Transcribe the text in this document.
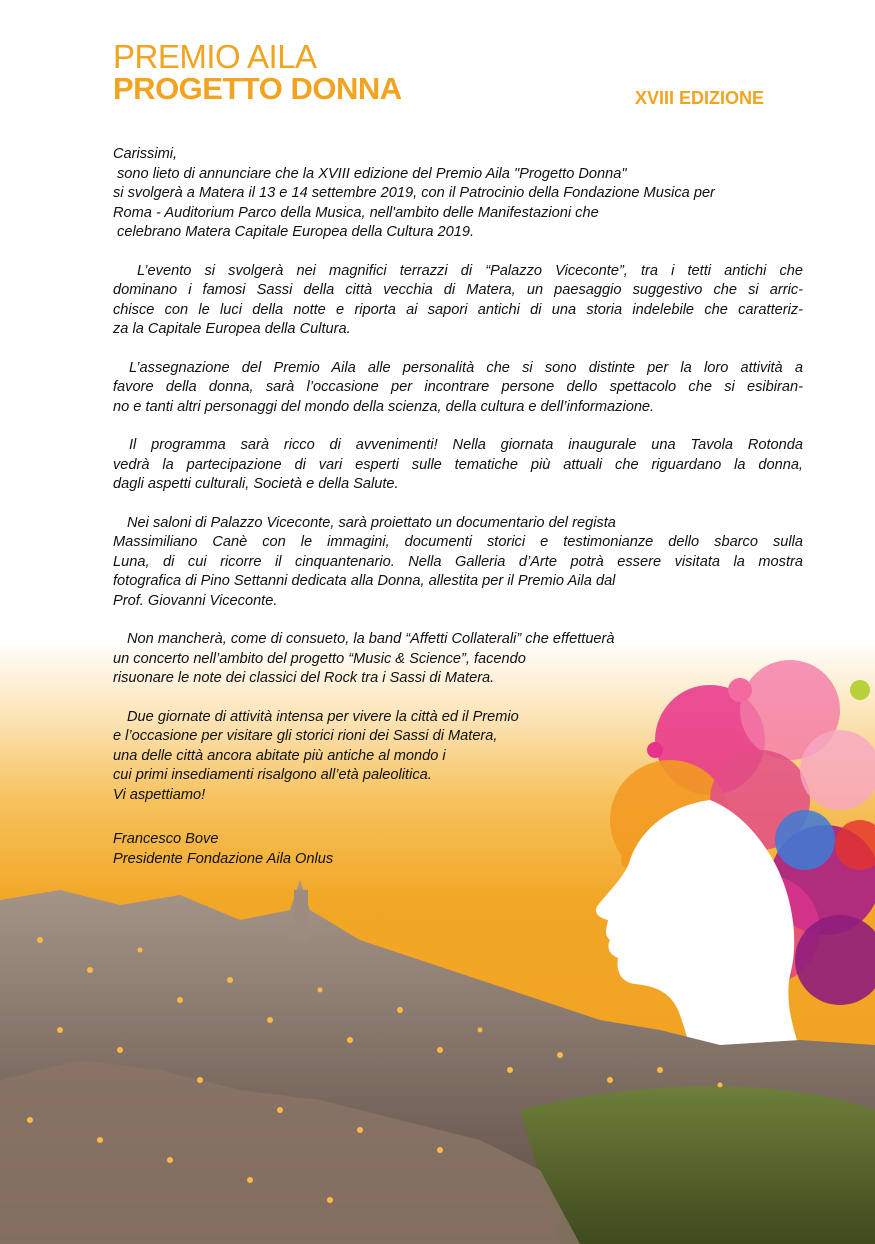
PREMIO AILA
PROGETTO DONNA	XVIII EDIZIONE

Carissimi,
sono lieto di annunciare che la XVIII edizione del Premio Aila "Progetto Donna"
si svolgerà a Matera il 13 e 14 settembre 2019, con il Patrocinio della Fondazione Musica per
Roma - Auditorium Parco della Musica, nell'ambito delle Manifestazioni che
celebrano Matera Capitale Europea della Cultura 2019.

L’evento si svolgerà nei magnifici terrazzi di “Palazzo Viceconte”, tra i tetti antichi che
dominano i famosi Sassi della città vecchia di Matera, un paesaggio suggestivo che si arric-
chisce con le luci della notte e riporta ai sapori antichi di una storia indelebile che caratteriz-
za la Capitale Europea della Cultura.

L’assegnazione del Premio Aila alle personalità che si sono distinte per la loro attività a
favore della donna, sarà l’occasione per incontrare persone dello spettacolo che si esibiran-
no e tanti altri personaggi del mondo della scienza, della cultura e dell’informazione.

Il programma sarà ricco di avvenimenti! Nella giornata inaugurale una Tavola Rotonda
vedrà la partecipazione di vari esperti sulle tematiche più attuali che riguardano la donna,
dagli aspetti culturali, Società e della Salute.

Nei saloni di Palazzo Viceconte, sarà proiettato un documentario del regista
Massimiliano Canè con le immagini, documenti storici e testimonianze dello sbarco sulla
Luna, di cui ricorre il cinquantenario. Nella Galleria d’Arte potrà essere visitata la mostra
fotografica di Pino Settanni dedicata alla Donna, allestita per il Premio Aila dal
Prof. Giovanni Viceconte.

Non mancherà, come di consueto, la band “Affetti Collaterali” che effettuerà
un concerto nell’ambito del progetto “Music & Science”, facendo
risuonare le note dei classici del Rock tra i Sassi di Matera.

Due giornate di attività intensa per vivere la città ed il Premio
e l’occasione per visitare gli storici rioni dei Sassi di Matera,
una delle città ancora abitate più antiche al mondo i
cui primi insediamenti risalgono all’età paleolitica.
Vi aspettiamo!

Francesco Bove
Presidente Fondazione Aila Onlus
